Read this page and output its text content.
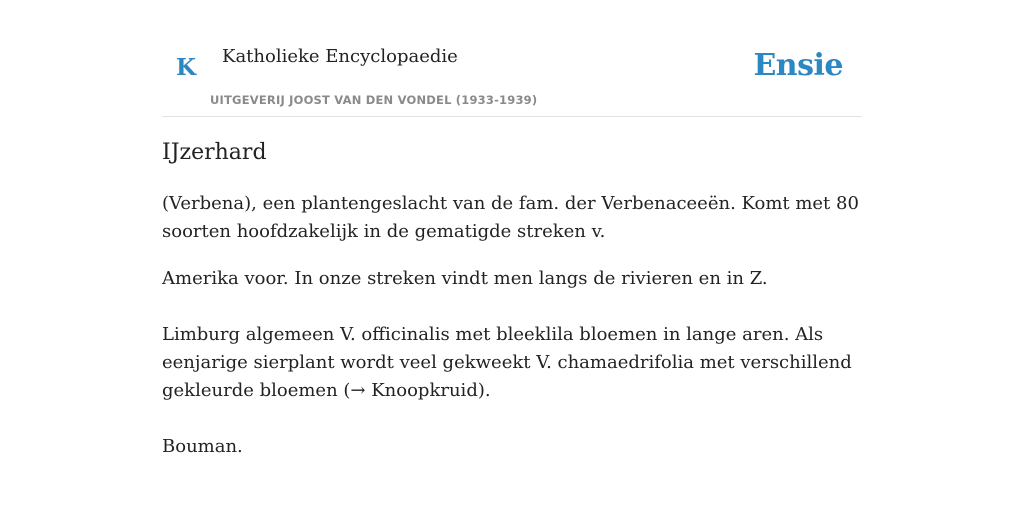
K Katholieke Encyclopaedie
UITGEVERIJ JOOST VAN DEN VONDEL (1933-1939)
Ensie
IJzerhard

(Verbena), een plantengeslacht van de fam. der Verbenaceeën. Komt met 80 soorten hoofdzakelijk in de gematigde streken v.

Amerika voor. In onze streken vindt men langs de rivieren en in Z.

Limburg algemeen V. officinalis met bleeklila bloemen in lange aren. Als eenjarige sierplant wordt veel gekweekt V. chamaedrifolia met verschillend gekleurde bloemen (→ Knoopkruid).

Bouman.
